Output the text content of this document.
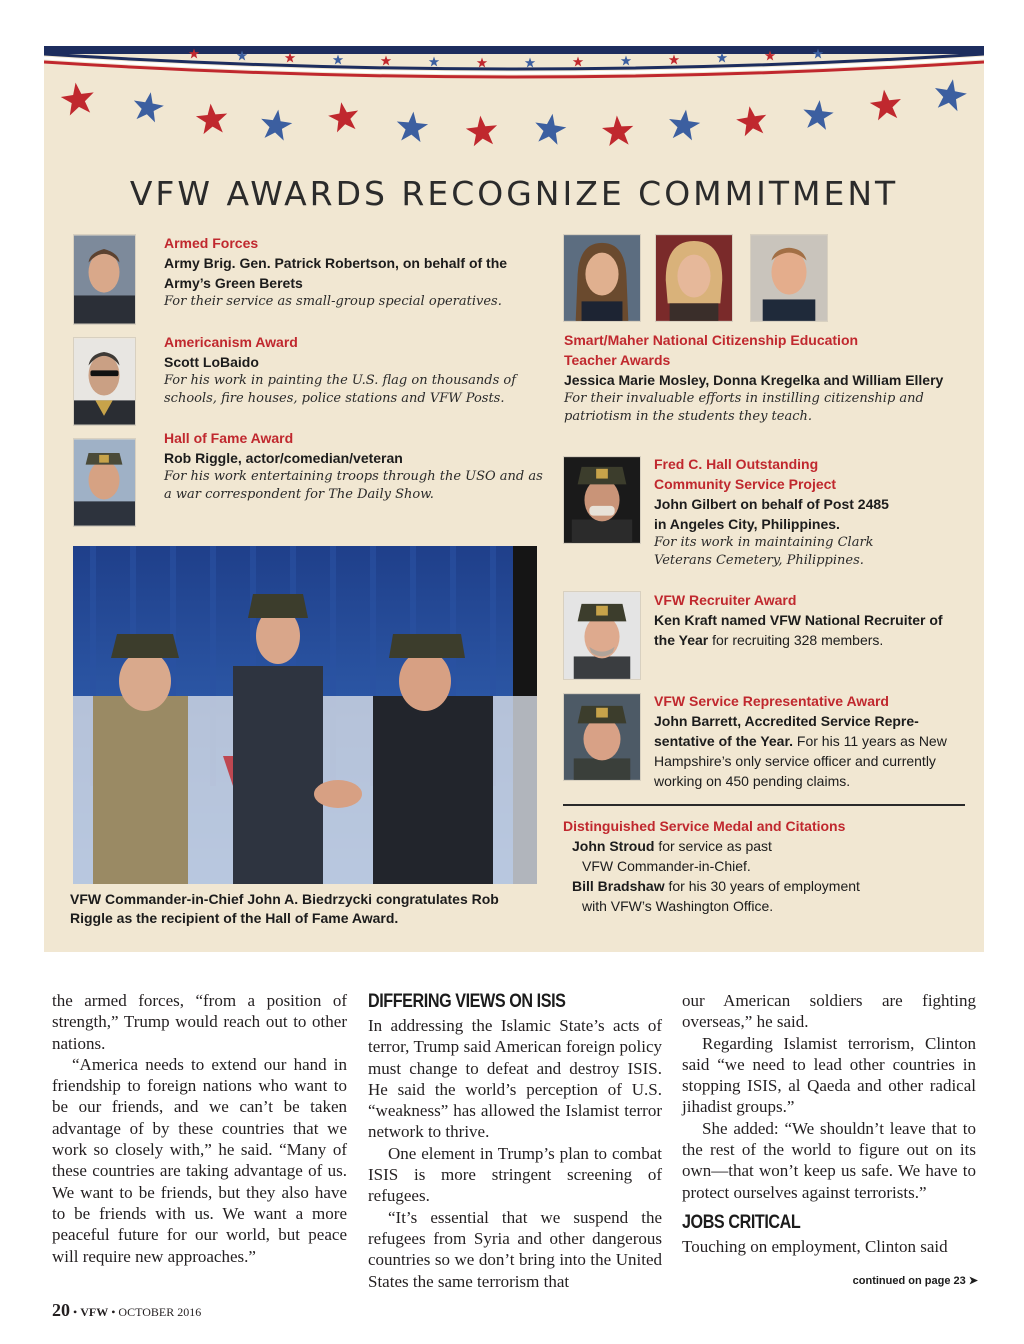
VFW AWARDS RECOGNIZE COMMITMENT
Armed Forces
Army Brig. Gen. Patrick Robertson, on behalf of the
Army’s Green Berets
For their service as small-group special operatives.
Americanism Award
Scott LoBaido
For his work in painting the U.S. flag on thousands of
schools, fire houses, police stations and VFW Posts.
Hall of Fame Award
Rob Riggle, actor/comedian/veteran
For his work entertaining troops through the USO and as
a war correspondent for The Daily Show.
Smart/Maher National Citizenship Education
Teacher Awards
Jessica Marie Mosley, Donna Kregelka and William Ellery
For their invaluable efforts in instilling citizenship and
patriotism in the students they teach.
Fred C. Hall Outstanding
Community Service Project
John Gilbert on behalf of Post 2485
in Angeles City, Philippines.
For its work in maintaining Clark
Veterans Cemetery, Philippines.
VFW Recruiter Award
Ken Kraft named VFW National Recruiter of
the Year for recruiting 328 members.
VFW Service Representative Award
John Barrett, Accredited Service Repre-
sentative of the Year. For his 11 years as New
Hampshire’s only service officer and currently
working on 450 pending claims.
Distinguished Service Medal and Citations
John Stroud for service as past
VFW Commander-in-Chief.
Bill Bradshaw for his 30 years of employment
with VFW’s Washington Office.
VFW Commander-in-Chief John A. Biedrzycki congratulates Rob
Riggle as the recipient of the Hall of Fame Award.

the armed forces, “from a position of strength,” Trump would reach out to other nations.

“America needs to extend our hand in friendship to foreign nations who want to be our friends, and we can’t be taken advantage of by these countries that we work so closely with,” he said. “Many of these countries are taking advantage of us. We want to be friends, but they also have to be friends with us. We want a more peaceful future for our world, but peace will require new approaches.”

DIFFERING VIEWS ON ISIS

In addressing the Islamic State’s acts of terror, Trump said American foreign policy must change to defeat and destroy ISIS. He said the world’s perception of U.S. “weakness” has allowed the Islamist terror network to thrive.

One element in Trump’s plan to combat ISIS is more stringent screening of refugees.

“It’s essential that we suspend the refugees from Syria and other dangerous countries so we don’t bring into the United States the same terrorism that

our American soldiers are fighting overseas,” he said.

Regarding Islamist terrorism, Clinton said “we need to lead other countries in stopping ISIS, al Qaeda and other radical jihadist groups.”

She added: “We shouldn’t leave that to the rest of the world to figure out on its own—that won’t keep us safe. We have to protect ourselves against terrorists.”

JOBS CRITICAL

Touching on employment, Clinton said

continued on page 23 ➤
20 • VFW • OCTOBER 2016
